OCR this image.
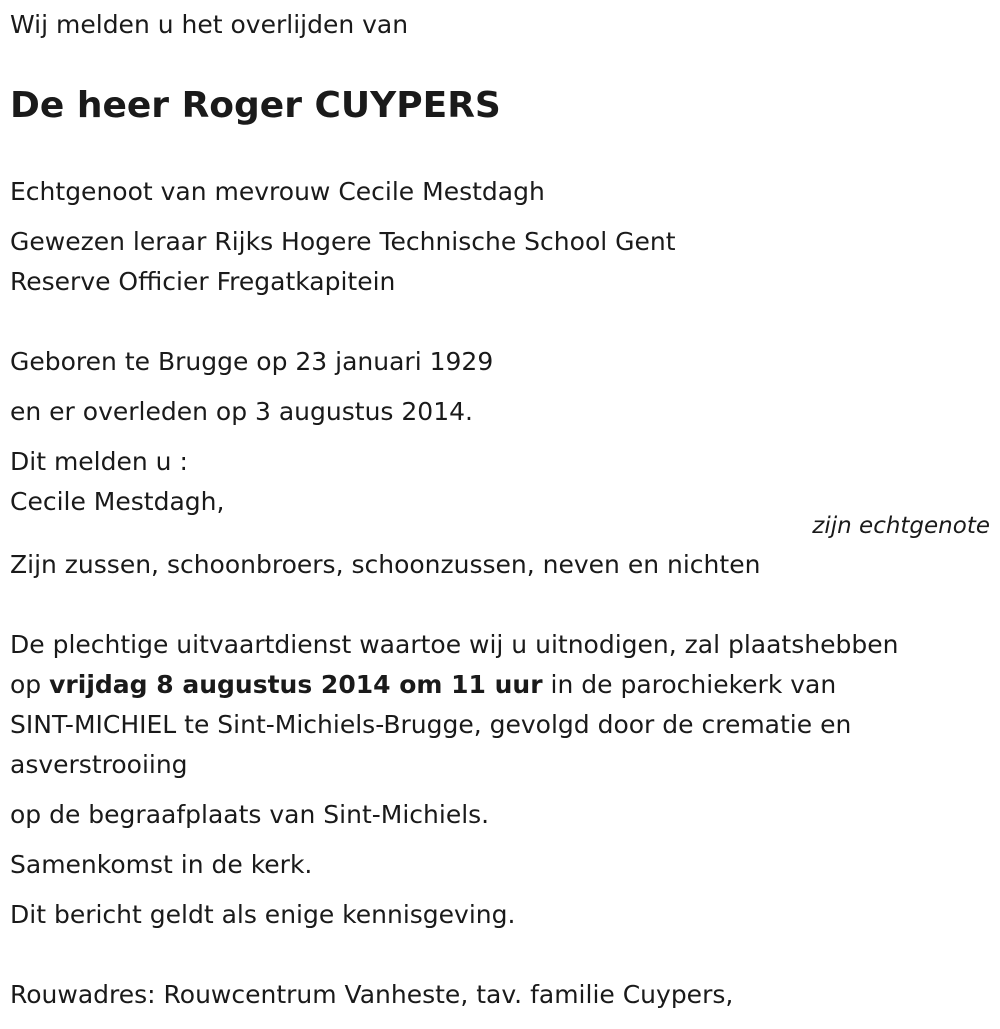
Wij melden u het overlijden van

De heer Roger CUYPERS

Echtgenoot van mevrouw Cecile Mestdagh

Gewezen leraar Rijks Hogere Technische School Gent

Reserve Officier Fregatkapitein

Geboren te Brugge op 23 januari 1929

en er overleden op 3 augustus 2014.

Dit melden u :

Cecile Mestdagh,

zijn echtgenote

Zijn zussen, schoonbroers, schoonzussen, neven en nichten

De plechtige uitvaartdienst waartoe wij u uitnodigen, zal plaatshebben

op vrijdag 8 augustus 2014 om 11 uur in de parochiekerk van

SINT-MICHIEL te Sint-Michiels-Brugge, gevolgd door de crematie en

asverstrooiing

op de begraafplaats van Sint-Michiels.

Samenkomst in de kerk.

Dit bericht geldt als enige kennisgeving.

Rouwadres: Rouwcentrum Vanheste, tav. familie Cuypers,
